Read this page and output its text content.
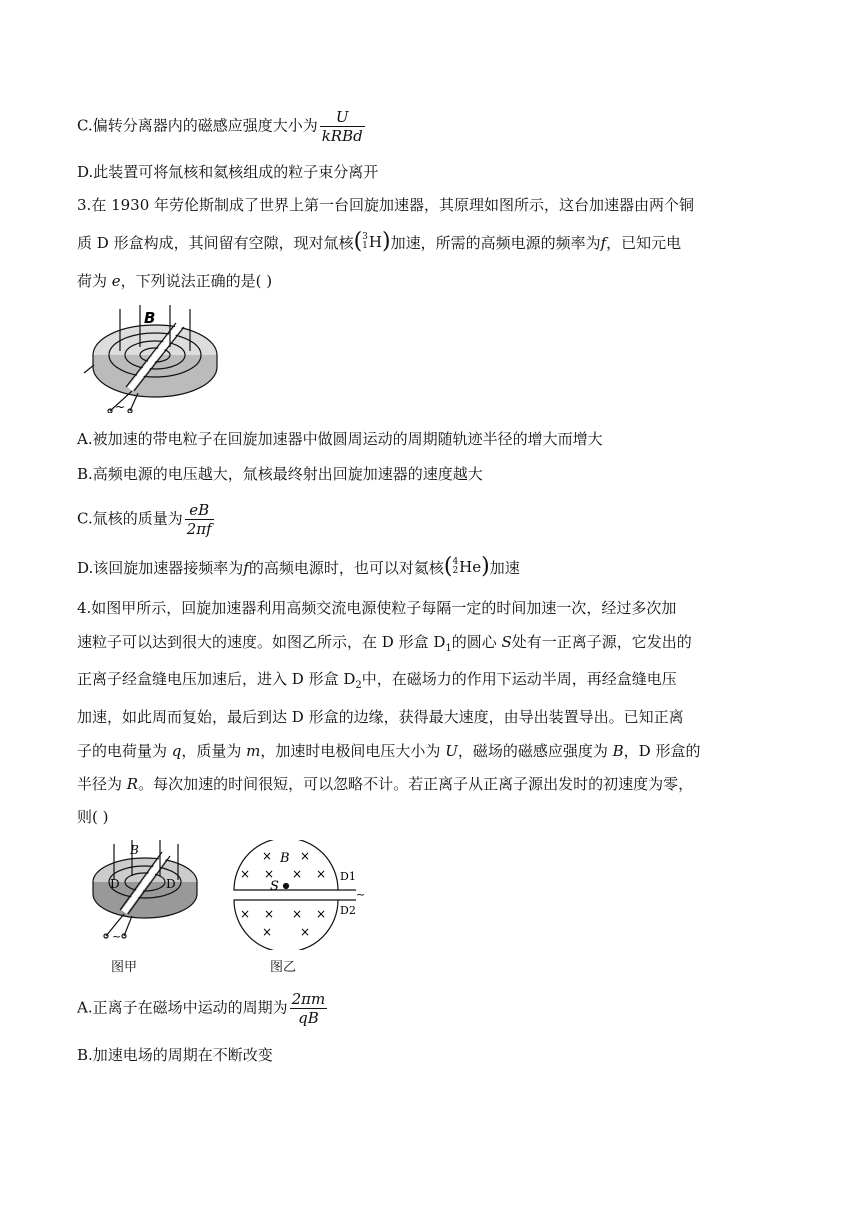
C.偏转分离器内的磁感应强度大小为 $\frac{U}{\text{kRBd}}$
D.此装置可将氚核和氦核组成的粒子束分离开
3.在 1930 年劳伦斯制成了世界上第一台回旋加速器，其原理如图所示，这台加速器由两个铜
质 D 形盒构成，其间留有空隙，现对氚核 ( 3
1 H ) 加速，所需的高频电源的频率为f，已知元电
荷为 e，下列说法正确的是( )
B
~
A.被加速的带电粒子在回旋加速器中做圆周运动的周期随轨迹半径的增大而增大
B.高频电源的电压越大，氚核最终射出回旋加速器的速度越大
C.氚核的质量为 $\frac{eB}{2\pi f}$
D.该回旋加速器接频率为f的高频电源时，也可以对氦核 ( 4
2 He ) 加速
4.如图甲所示，回旋加速器利用高频交流电源使粒子每隔一定的时间加速一次，经过多次加
速粒子可以达到很大的速度。如图乙所示，在 D 形盒 $D_1$的圆心 S处有一正离子源，它发出的
正离子经盒缝电压加速后，进入 D 形盒 $D_2$中，在磁场力的作用下运动半周，再经盒缝电压
加速，如此周而复始，最后到达 D 形盒的边缘，获得最大速度，由导出装置导出。已知正离
子的电荷量为 q，质量为 m，加速时电极间电压大小为 U，磁场的磁感应强度为 B，D 形盒的
半径为 R。每次加速的时间很短，可以忽略不计。若正离子从正离子源出发时的初速度为零，
则( )
B
D	D
~
图甲
× ×
× × × ×
× × × ×
× ×
B
S
D1
D2
~
图乙
A.正离子在磁场中运动的周期为 $\frac{2\pi m}{qB}$
B.加速电场的周期在不断改变
